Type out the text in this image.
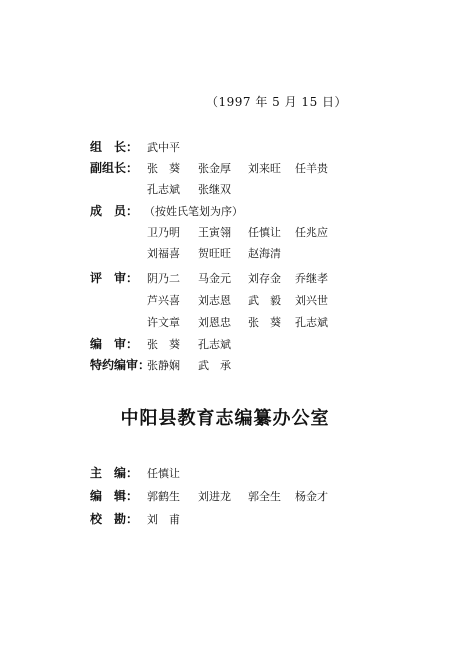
（1997 年 5 月 15 日）
组　长： 武中平
副组长： 张　葵 张金厚 刘来旺 任羊贵
孔志斌 张继双
成　员： （按姓氏笔划为序）
卫乃明 王寅翎 任慎让 任兆应
刘福喜 贺旺旺 赵海清
评　审： 阴乃二 马金元 刘存金 乔继孝
芦兴喜 刘志恩 武　毅 刘兴世
许文章 刘恩忠 张　葵 孔志斌
编　审： 张　葵 孔志斌
特约编审：
张静娴 武　承
中阳县教育志编纂办公室
主　编： 任慎让
编　辑： 郭鹤生 刘进龙 郭全生 杨金才
校　勘： 刘　甫
